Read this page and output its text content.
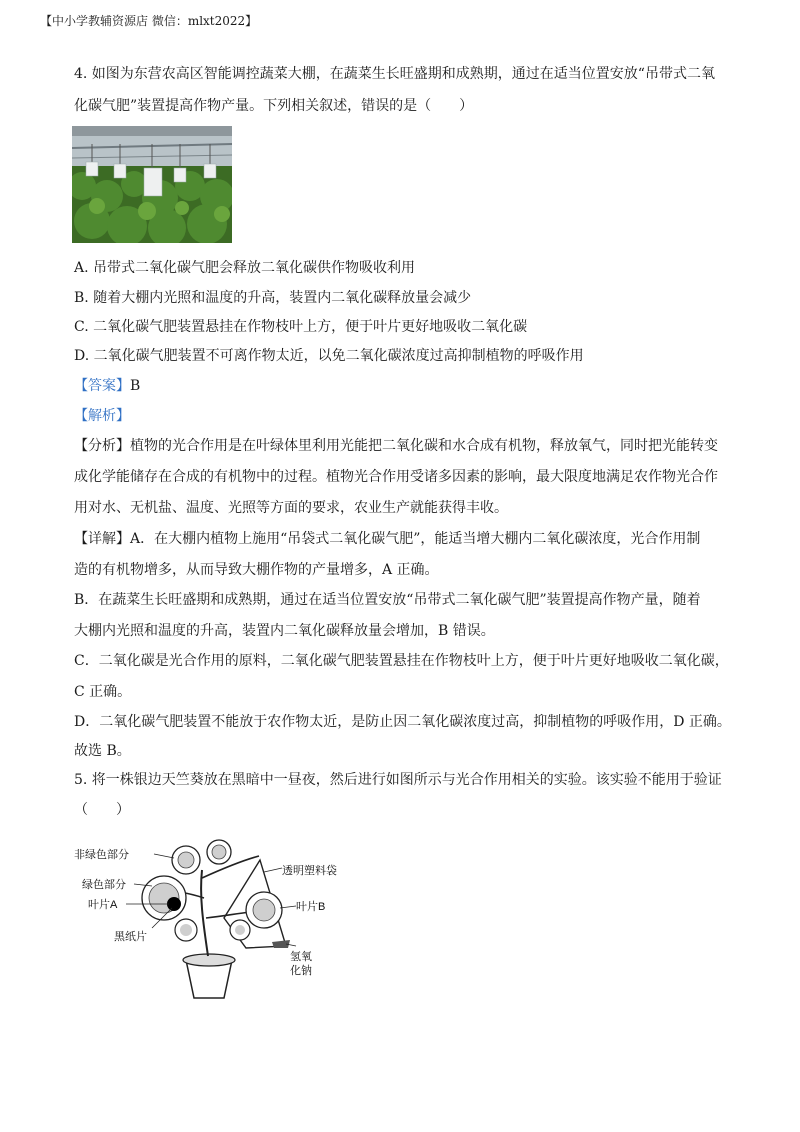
【中小学教辅资源店 微信：mlxt2022】
4. 如图为东营农高区智能调控蔬菜大棚，在蔬菜生长旺盛期和成熟期，通过在适当位置安放“吊带式二氧
化碳气肥”装置提高作物产量。下列相关叙述，错误的是（　　）
A. 吊带式二氧化碳气肥会释放二氧化碳供作物吸收利用
B. 随着大棚内光照和温度的升高，装置内二氧化碳释放量会减少
C. 二氧化碳气肥装置悬挂在作物枝叶上方，便于叶片更好地吸收二氧化碳
D. 二氧化碳气肥装置不可离作物太近，以免二氧化碳浓度过高抑制植物的呼吸作用
【答案】B
【解析】
【分析】植物的光合作用是在叶绿体里利用光能把二氧化碳和水合成有机物，释放氧气，同时把光能转变
成化学能储存在合成的有机物中的过程。植物光合作用受诸多因素的影响，最大限度地满足农作物光合作
用对水、无机盐、温度、光照等方面的要求，农业生产就能获得丰收。
【详解】A．在大棚内植物上施用“吊袋式二氧化碳气肥”，能适当增大棚内二氧化碳浓度，光合作用制
造的有机物增多，从而导致大棚作物的产量增多，A 正确。
B．在蔬菜生长旺盛期和成熟期，通过在适当位置安放“吊带式二氧化碳气肥”装置提高作物产量，随着
大棚内光照和温度的升高，装置内二氧化碳释放量会增加，B 错误。
C．二氧化碳是光合作用的原料，二氧化碳气肥装置悬挂在作物枝叶上方，便于叶片更好地吸收二氧化碳，
C 正确。
D．二氧化碳气肥装置不能放于农作物太近，是防止因二氧化碳浓度过高，抑制植物的呼吸作用，D 正确。
故选 B。
5. 将一株银边天竺葵放在黑暗中一昼夜，然后进行如图所示与光合作用相关的实验。该实验不能用于验证
（　　）
非绿色部分
绿色部分
叶片A
黑纸片
透明塑料袋
叶片B
氢氧
化钠
